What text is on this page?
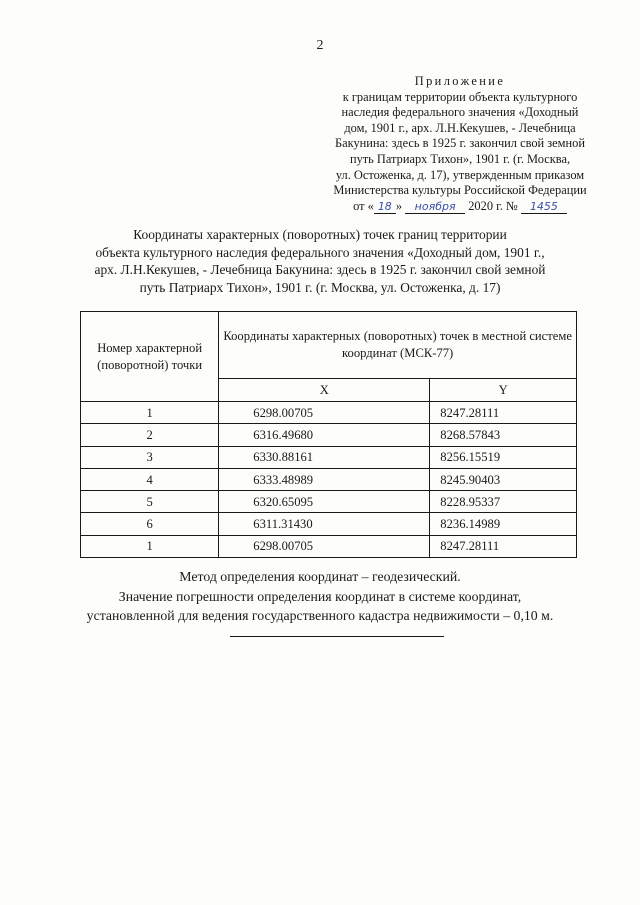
2
Приложение
к границам территории объекта культурного
наследия федерального значения «Доходный
дом, 1901 г., арх. Л.Н.Кекушев, - Лечебница
Бакунина: здесь в 1925 г. закончил свой земной
путь Патриарх Тихон», 1901 г. (г. Москва,
ул. Остоженка, д. 17), утвержденным приказом
Министерства культуры Российской Федерации
от « 18 » ноября 2020 г. № 1455
Координаты характерных (поворотных) точек границ территории
объекта культурного наследия федерального значения «Доходный дом, 1901 г.,
арх. Л.Н.Кекушев, - Лечебница Бакунина: здесь в 1925 г. закончил свой земной
путь Патриарх Тихон», 1901 г. (г. Москва, ул. Остоженка, д. 17)
Номер характерной (поворотной) точки	Координаты характерных (поворотных) точек в местной системе координат (МСК-77)	
	X	Y
1	6298.00705	8247.28111
2	6316.49680	8268.57843
3	6330.88161	8256.15519
4	6333.48989	8245.90403
5	6320.65095	8228.95337
6	6311.31430	8236.14989
1	6298.00705	8247.28111
Метод определения координат – геодезический.
Значение погрешности определения координат в системе координат,
установленной для ведения государственного кадастра недвижимости – 0,10 м.
